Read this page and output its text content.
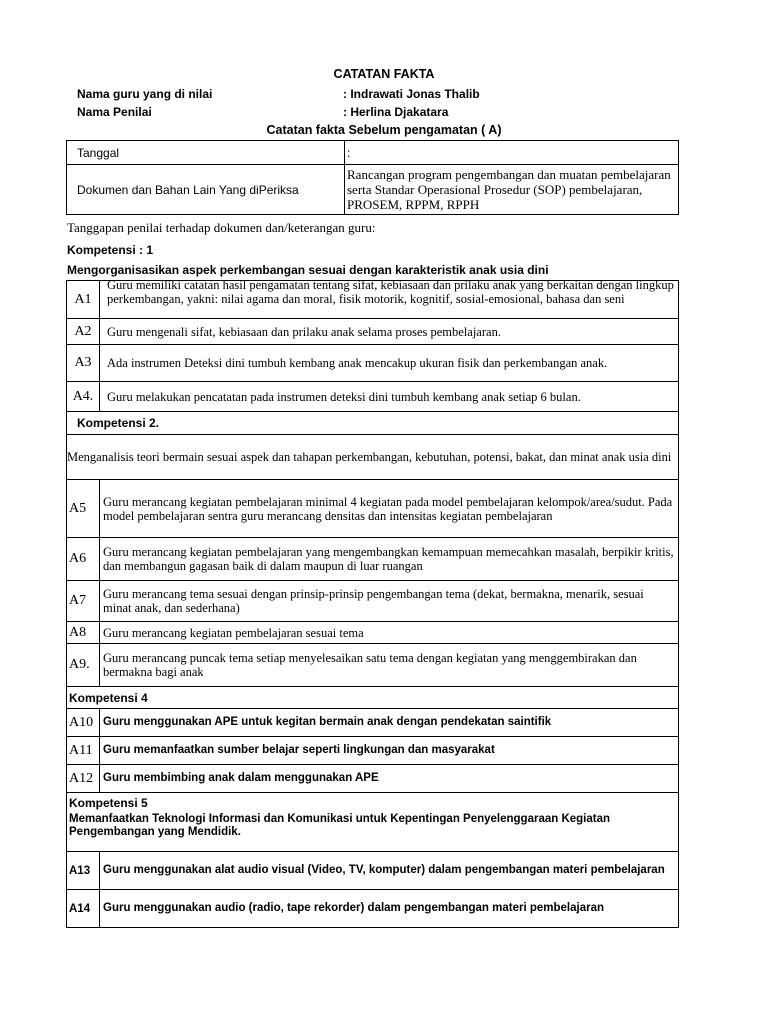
CATATAN FAKTA
Nama guru yang di nilai	: Indrawati Jonas Thalib
Nama Penilai	: Herlina Djakatara
Catatan fakta Sebelum pengamatan ( A)
Tanggal	:
Dokumen dan Bahan Lain Yang diPeriksa	Rancangan program pengembangan dan muatan pembelajaran serta Standar Operasional Prosedur (SOP) pembelajaran, PROSEM, RPPM, RPPH
Tanggapan penilai terhadap dokumen dan/keterangan guru:
Kompetensi : 1
Mengorganisasikan aspek perkembangan sesuai dengan karakteristik anak usia dini
A1	Guru memiliki catatan hasil pengamatan tentang sifat, kebiasaan dan prilaku anak yang berkaitan dengan lingkup perkembangan, yakni: nilai agama dan moral, fisik motorik, kognitif, sosial-emosional, bahasa dan seni

A2	Guru mengenali sifat, kebiasaan dan prilaku anak selama proses pembelajaran.
A3	Ada instrumen Deteksi dini tumbuh kembang anak mencakup ukuran fisik dan perkembangan anak.
A4.	Guru melakukan pencatatan pada instrumen deteksi dini tumbuh kembang anak setiap 6 bulan.
Kompetensi 2.	
Menganalisis teori bermain sesuai aspek dan tahapan perkembangan, kebutuhan, potensi, bakat, dan minat anak usia dini	
A5	Guru merancang kegiatan pembelajaran minimal 4 kegiatan pada model pembelajaran kelompok/area/sudut. Pada model pembelajaran sentra guru merancang densitas dan intensitas kegiatan pembelajaran
A6	Guru merancang kegiatan pembelajaran yang mengembangkan kemampuan memecahkan masalah, berpikir kritis, dan membangun gagasan baik di dalam maupun di luar ruangan
A7	Guru merancang tema sesuai dengan prinsip-prinsip pengembangan tema (dekat, bermakna, menarik, sesuai minat anak, dan sederhana)
A8	Guru merancang kegiatan pembelajaran sesuai tema
A9.	Guru merancang puncak tema setiap menyelesaikan satu tema dengan kegiatan yang menggembirakan dan bermakna bagi anak
Kompetensi 4	
A10	Guru menggunakan APE untuk kegitan bermain anak dengan pendekatan saintifik
A11	Guru memanfaatkan sumber belajar seperti lingkungan dan masyarakat
A12	Guru membimbing anak dalam menggunakan APE

Kompetensi 5
Memanfaatkan Teknologi Informasi dan Komunikasi untuk Kepentingan Penyelenggaraan Kegiatan Pengembangan yang Mendidik.	

A13	Guru menggunakan alat audio visual (Video, TV, komputer) dalam pengembangan materi pembelajaran
A14	Guru menggunakan audio (radio, tape rekorder) dalam pengembangan materi pembelajaran
